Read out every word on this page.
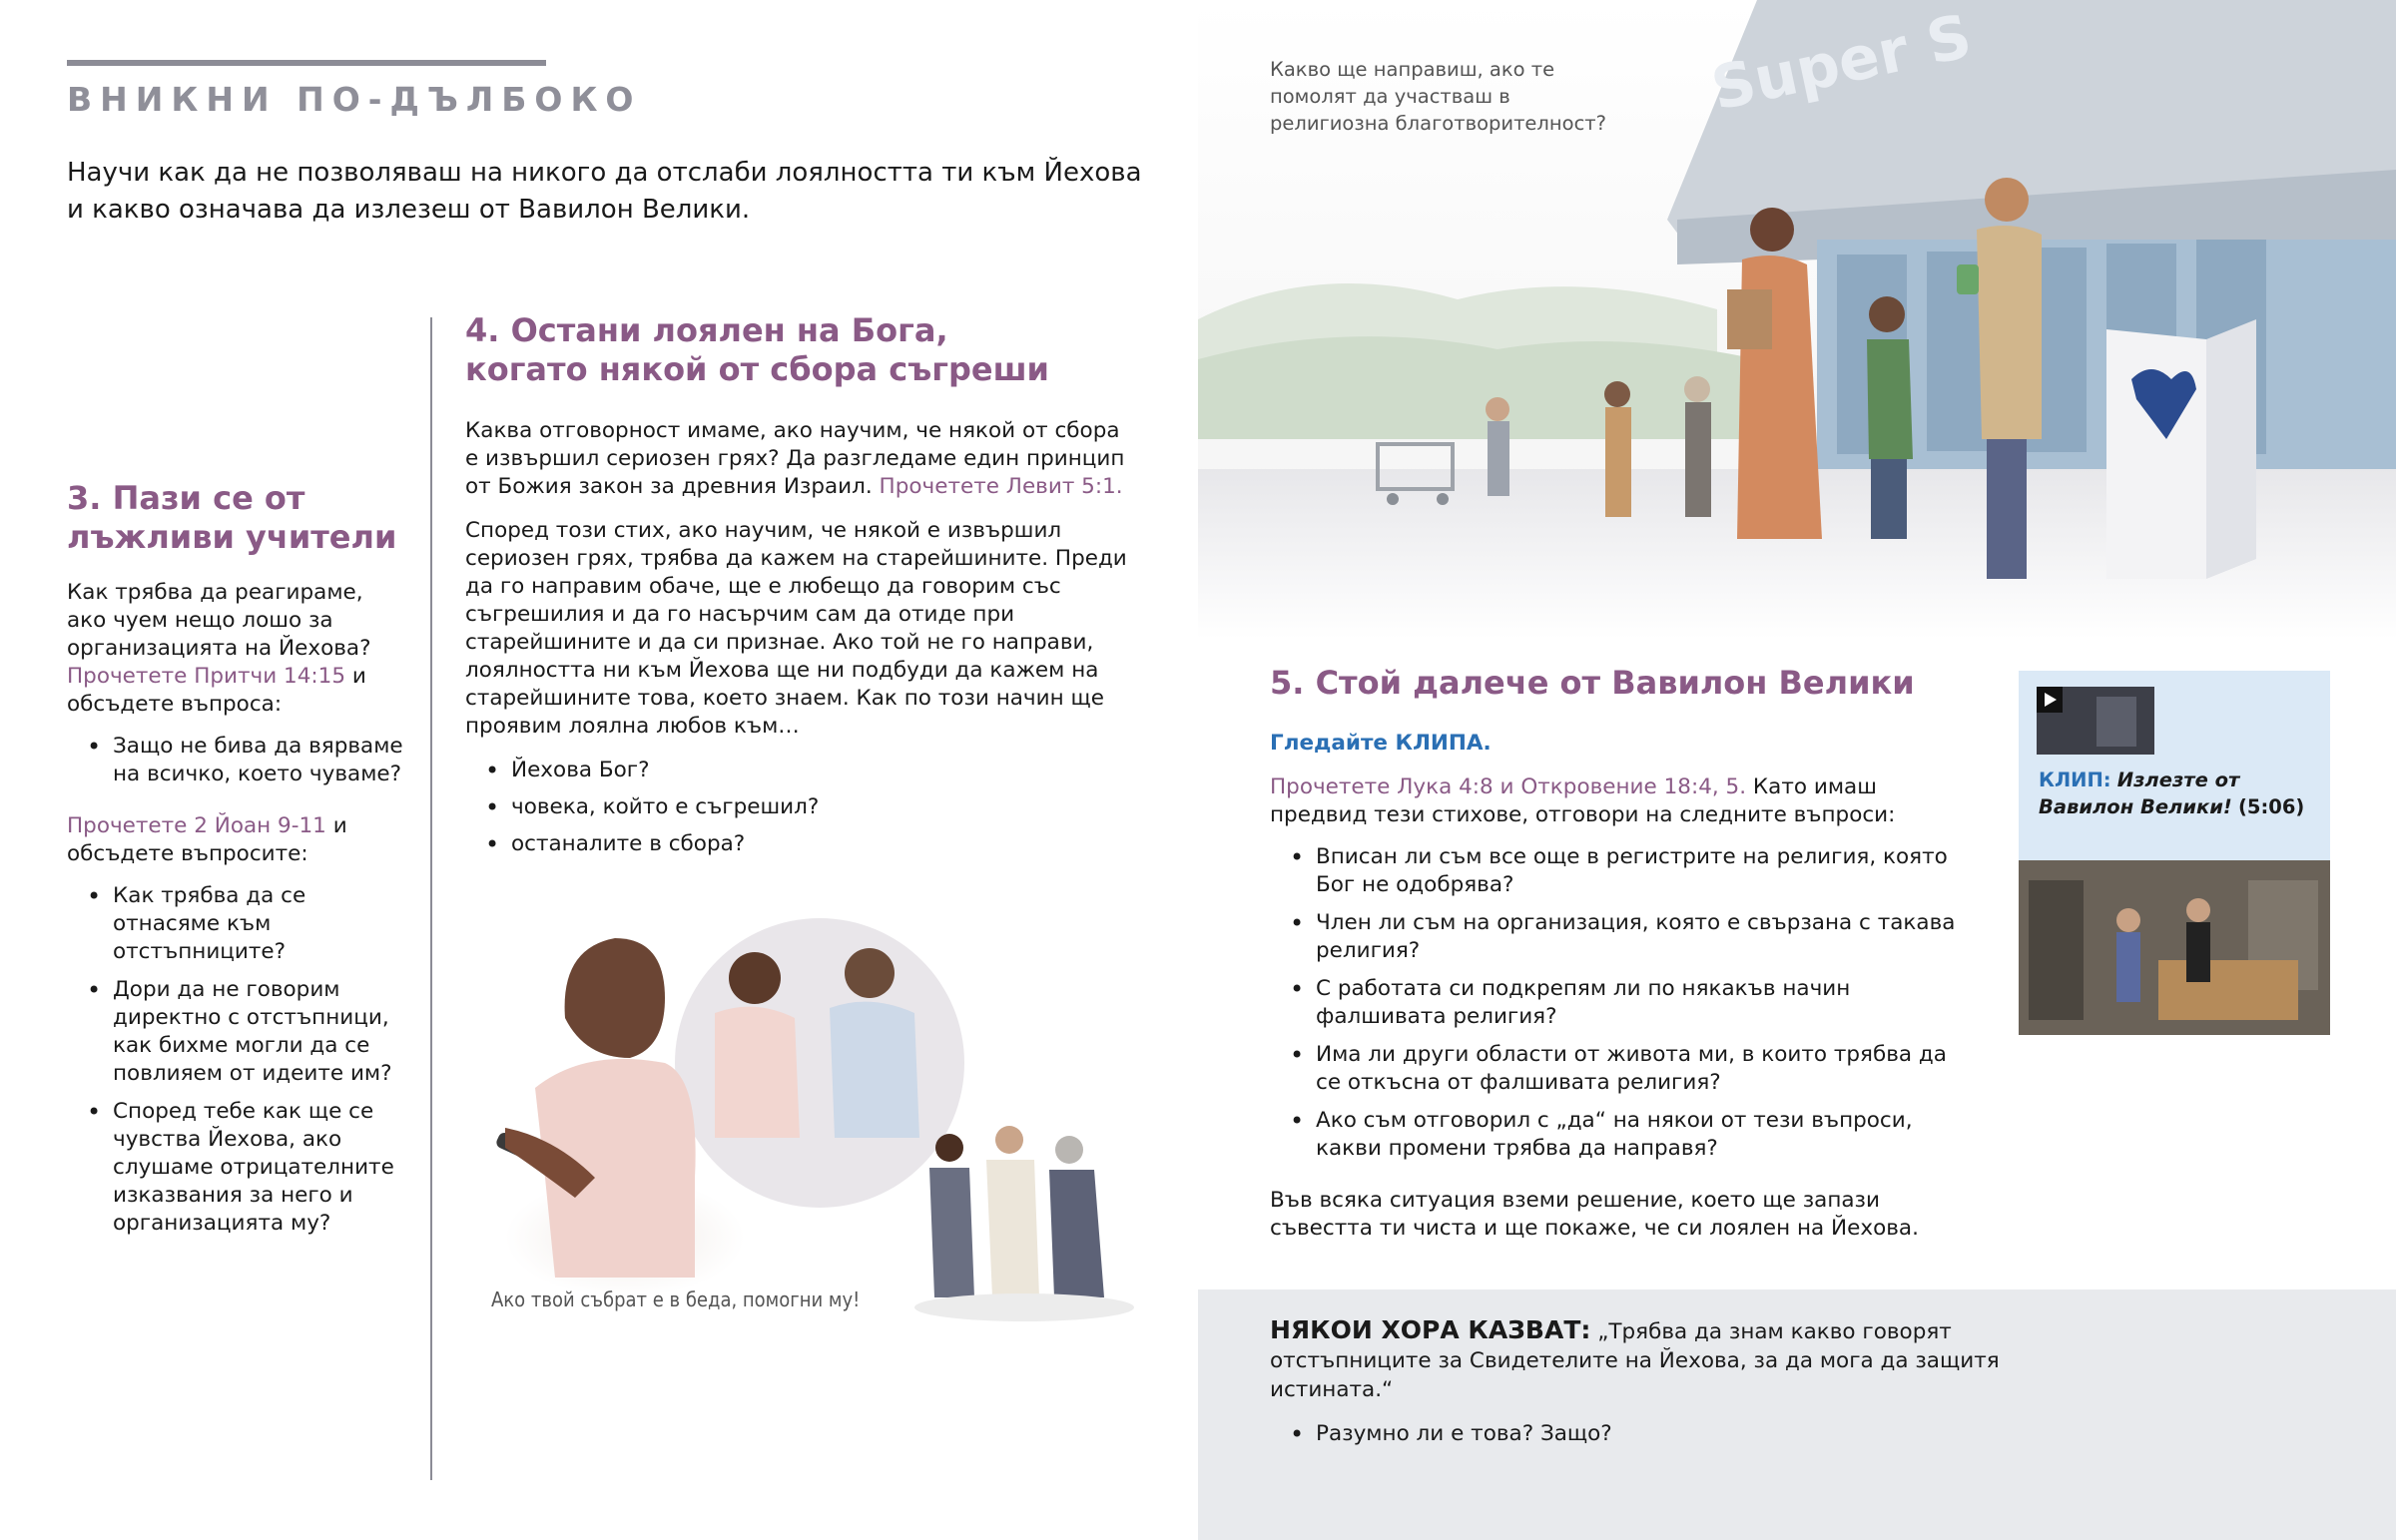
ВНИКНИ ПО-ДЪЛБОКО
Научи как да не позволяваш на никого да отслаби лоялността ти към Йехова и какво означава да излезеш от Вавилон Велики.
3. Пази се от
лъжливи учители

Как трябва да реагираме, ако чуем нещо лошо за организацията на Йехова? Прочетете Притчи 14:15 и обсъдете въпроса:

• Защо не бива да вярваме на всичко, което чуваме?

Прочетете 2 Йоан 9-11 и обсъдете въпросите:

• Как трябва да се отнасяме към отстъпниците?
• Дори да не говорим директно с отстъпници, как бихме могли да се повлияем от идеите им?
• Според тебе как ще се чувства Йехова, ако слушаме отрицателните изказвания за него и организацията му?
4. Остани лоялен на Бога,
когато някой от сбора съгреши

Каква отговорност имаме, ако научим, че някой от сбора е извършил сериозен грях? Да разгледаме един принцип от Божия закон за древния Израил. Прочетете Левит 5:1.

Според този стих, ако научим, че някой е извършил сериозен грях, трябва да кажем на старейшините. Преди да го направим обаче, ще е любещо да говорим със съгрешилия и да го насърчим сам да отиде при старейшините и да си признае. Ако той не го направи, лоялността ни към Йехова ще ни подбуди да кажем на старейшините това, което знаем. Как по този начин ще проявим лоялна любов към…

• Йехова Бог?
• човека, който е съгрешил?
• останалите в сбора?
Ако твой събрат е в беда, помогни му!
Super S
Какво ще направиш, ако те помолят да участваш в религиозна благотворителност?
5. Стой далече от Вавилон Велики
Гледайте КЛИПА.

Прочетете Лука 4:8 и Откровение 18:4, 5. Като имаш предвид тези стихове, отговори на следните въпроси:

• Вписан ли съм все още в регистрите на религия, която Бог не одобрява?
• Член ли съм на организация, която е свързана с такава религия?
• С работата си подкрепям ли по някакъв начин фалшивата религия?
• Има ли други области от живота ми, в които трябва да се откъсна от фалшивата религия?
• Ако съм отговорил с „да“ на някои от тези въпроси, какви промени трябва да направя?

Във всяка ситуация вземи решение, което ще запази съвестта ти чиста и ще покаже, че си лоялен на Йехова.

КЛИП: Излезте от Вавилон Велики! (5:06)

НЯКОИ ХОРА КАЗВАТ: „Трябва да знам какво говорят отстъпниците за Свидетелите на Йехова, за да мога да защитя истината.“

• Разумно ли е това? Защо?
